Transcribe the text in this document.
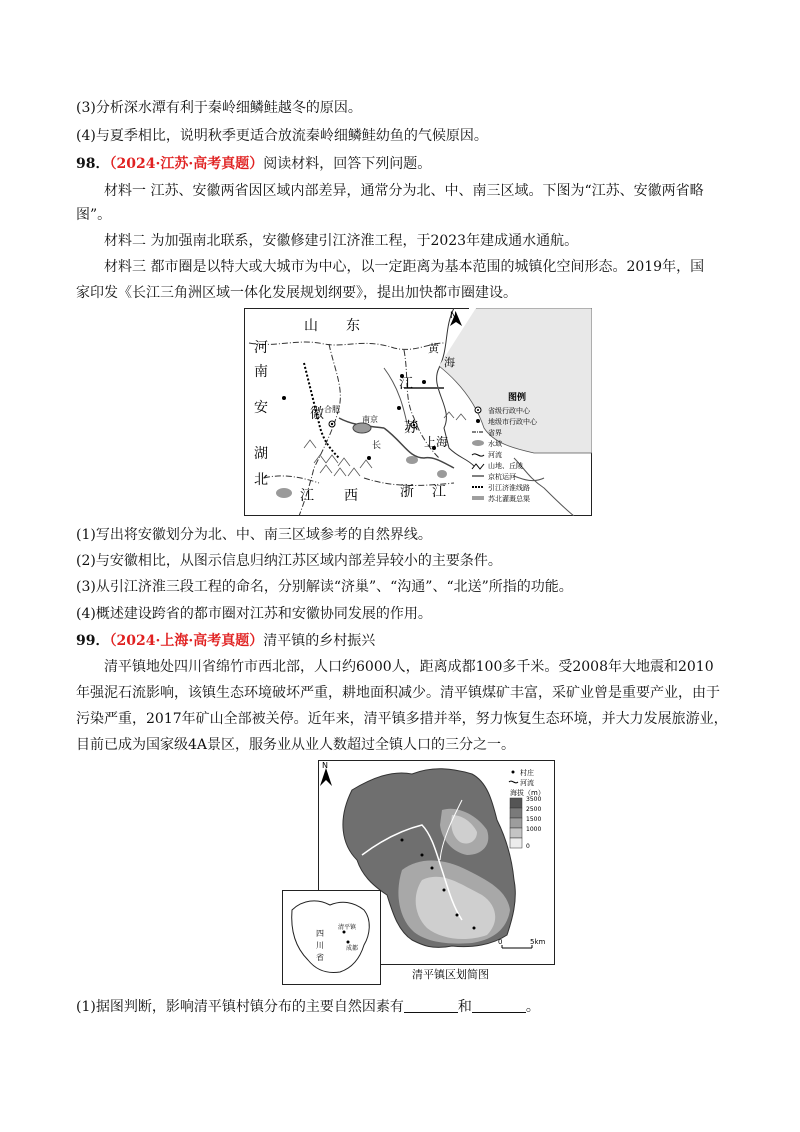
(3)分析深水潭有利于秦岭细鳞鲑越冬的原因。
(4)与夏季相比，说明秋季更适合放流秦岭细鳞鲑幼鱼的气候原因。
98．（2024·江苏·高考真题）阅读材料，回答下列问题。
材料一 江苏、安徽两省因区域内部差异，通常分为北、中、南三区域。下图为“江苏、安徽两省略
图”。
材料二 为加强南北联系，安徽修建引江济淮工程，于2023年建成通水通航。
材料三 都市圈是以特大或大城市为中心，以一定距离为基本范围的城镇化空间形态。2019年，国
家印发《长江三角洲区域一体化发展规划纲要》，提出加快都市圈建设。
N
山 东
河
南
安	徽
江
苏
湖
北
江 西	浙 江
黄
海
合肥
南京
上海
长
图例
省级行政中心
地级市行政中心
省界
水域
河流
山地、丘陵
京杭运河
引江济淮线路
苏北灌溉总渠
(1)写出将安徽划分为北、中、南三区域参考的自然界线。
(2)与安徽相比，从图示信息归纳江苏区域内部差异较小的主要条件。
(3)从引江济淮三段工程的命名，分别解读“济巢”、“沟通”、“北送”所指的功能。
(4)概述建设跨省的都市圈对江苏和安徽协同发展的作用。
99．（2024·上海·高考真题）清平镇的乡村振兴
清平镇地处四川省绵竹市西北部，人口约6000人，距离成都100多千米。受2008年大地震和2010
年强泥石流影响，该镇生态环境破坏严重，耕地面积减少。清平镇煤矿丰富，采矿业曾是重要产业，由于
污染严重，2017年矿山全部被关停。近年来，清平镇多措并举，努力恢复生态环境，并大力发展旅游业，
目前已成为国家级4A景区，服务业从业人数超过全镇人口的三分之一。
N
村庄
河流
海拔（m）
3500
2500
1500
1000
0
四
川
省
清平镇
成都
0	5km
清平镇区划简图
(1)据图判断，影响清平镇村镇分布的主要自然因素有	和	。
